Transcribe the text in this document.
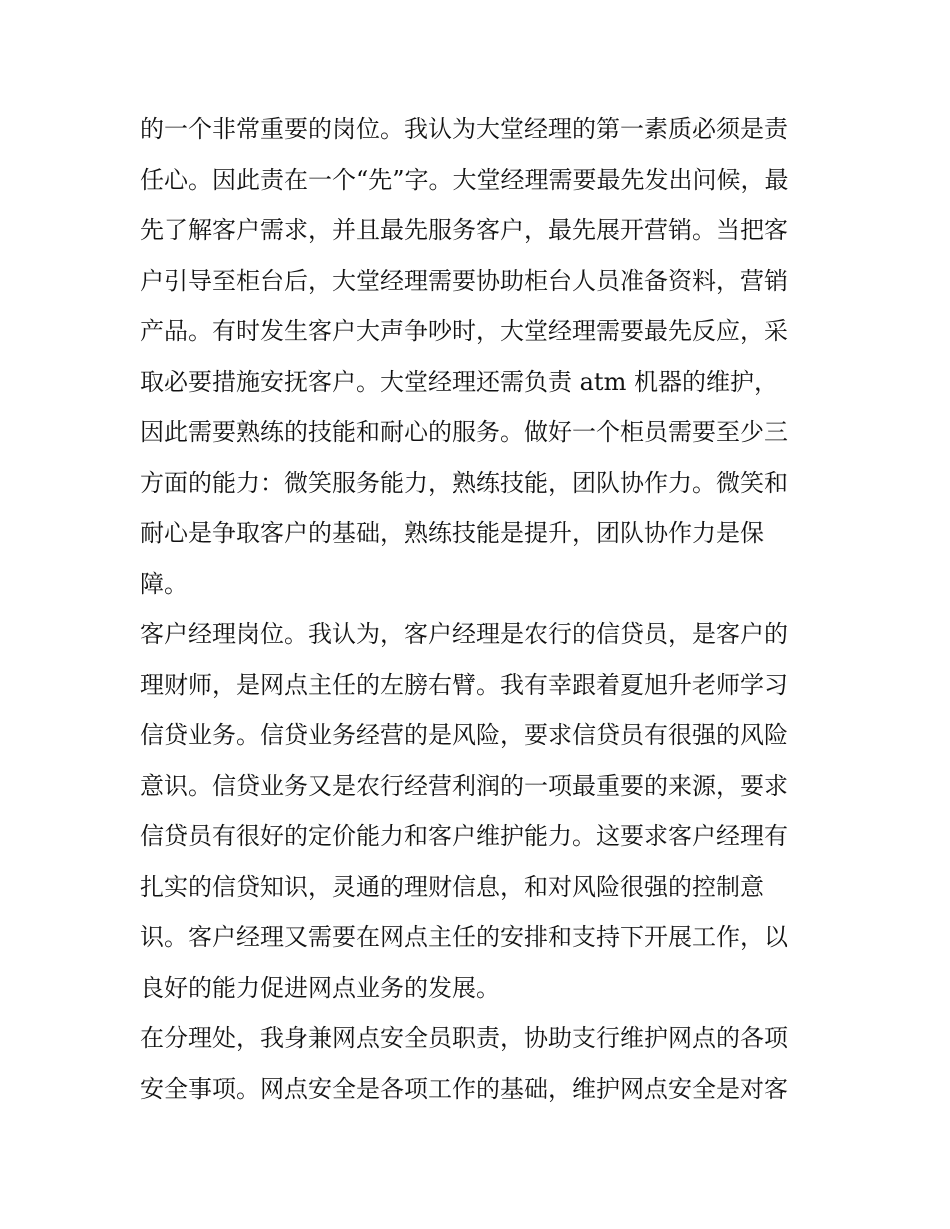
的一个非常重要的岗位。我认为大堂经理的第一素质必须是责
任心。因此责在一个“先”字。大堂经理需要最先发出问候，最
先了解客户需求，并且最先服务客户，最先展开营销。当把客
户引导至柜台后，大堂经理需要协助柜台人员准备资料，营销
产品。有时发生客户大声争吵时，大堂经理需要最先反应，采
取必要措施安抚客户。大堂经理还需负责 atm 机器的维护，
因此需要熟练的技能和耐心的服务。做好一个柜员需要至少三
方面的能力：微笑服务能力，熟练技能，团队协作力。微笑和
耐心是争取客户的基础，熟练技能是提升，团队协作力是保
障。
客户经理岗位。我认为，客户经理是农行的信贷员，是客户的
理财师，是网点主任的左膀右臂。我有幸跟着夏旭升老师学习
信贷业务。信贷业务经营的是风险，要求信贷员有很强的风险
意识。信贷业务又是农行经营利润的一项最重要的来源，要求
信贷员有很好的定价能力和客户维护能力。这要求客户经理有
扎实的信贷知识，灵通的理财信息，和对风险很强的控制意
识。客户经理又需要在网点主任的安排和支持下开展工作，以
良好的能力促进网点业务的发展。
在分理处，我身兼网点安全员职责，协助支行维护网点的各项
安全事项。网点安全是各项工作的基础，维护网点安全是对客
